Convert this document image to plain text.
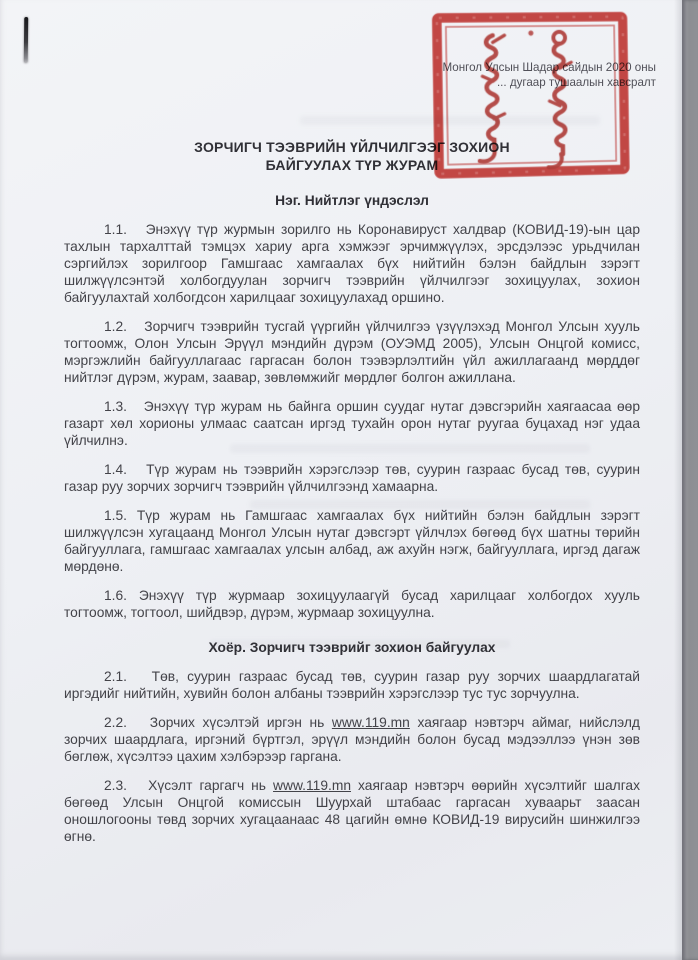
Монгол Улсын Шадар сайдын 2020 оны
... дугаар тушаалын хавсралт
ЗОРЧИГЧ ТЭЭВРИЙН ҮЙЛЧИЛГЭЭГ ЗОХИОН
БАЙГУУЛАХ ТҮР ЖУРАМ
Нэг. Нийтлэг үндэслэл

1.1.   Энэхүү түр журмын зорилго нь Коронавируст халдвар (КОВИД-19)-ын цар тахлын тархалттай тэмцэх хариу арга хэмжээг эрчимжүүлэх, эрсдэлээс урьдчилан сэргийлэх зорилгоор Гамшгаас хамгаалах бүх нийтийн бэлэн байдлын зэрэгт шилжүүлсэнтэй холбогдуулан зорчигч тээврийн үйлчилгээг зохицуулах, зохион байгуулахтай холбогдсон харилцааг зохицуулахад оршино.

1.2.   Зорчигч тээврийн тусгай үүргийн үйлчилгээ үзүүлэхэд Монгол Улсын хууль тогтоомж, Олон Улсын Эрүүл мэндийн дүрэм (ОУЭМД 2005), Улсын Онцгой комисс, мэргэжлийн байгууллагаас гаргасан болон тээвэрлэлтийн үйл ажиллагаанд мөрддөг нийтлэг дүрэм, журам, заавар, зөвлөмжийг мөрдлөг болгон ажиллана.

1.3.   Энэхүү түр журам нь байнга оршин суудаг нутаг дэвсгэрийн хаягаасаа өөр газарт хөл хорионы улмаас саатсан иргэд тухайн орон нутаг руугаа буцахад нэг удаа үйлчилнэ.

1.4.   Түр журам нь тээврийн хэрэгслээр төв, суурин газраас бусад төв, суурин газар руу зорчих зорчигч тээврийн үйлчилгээнд хамаарна.

1.5. Түр журам нь Гамшгаас хамгаалах бүх нийтийн бэлэн байдлын зэрэгт шилжүүлсэн хугацаанд Монгол Улсын нутаг дэвсгэрт үйлчлэх бөгөөд бүх шатны төрийн байгууллага, гамшгаас хамгаалах улсын албад, аж ахуйн нэгж, байгууллага, иргэд дагаж мөрдөнө.

1.6. Энэхүү түр журмаар зохицуулаагүй бусад харилцааг холбогдох хууль тогтоомж, тогтоол, шийдвэр, дүрэм, журмаар зохицуулна.

Хоёр. Зорчигч тээврийг зохион байгуулах

2.1.   Төв, суурин газраас бусад төв, суурин газар руу зорчих шаардлагатай иргэдийг нийтийн, хувийн болон албаны тээврийн хэрэгслээр тус тус зорчуулна.

2.2.   Зорчих хүсэлтэй иргэн нь www.119.mn хаягаар нэвтэрч аймаг, нийслэлд зорчих шаардлага, иргэний бүртгэл, эрүүл мэндийн болон бусад мэдээллээ үнэн зөв бөглөж, хүсэлтээ цахим хэлбэрээр гаргана.

2.3.   Хүсэлт гаргагч нь www.119.mn хаягаар нэвтэрч өөрийн хүсэлтийг шалгах бөгөөд Улсын Онцгой комиссын Шуурхай штабаас гаргасан хуваарьт заасан оношлогооны төвд зорчих хугацаанаас 48 цагийн өмнө КОВИД-19 вирусийн шинжилгээ өгнө.
